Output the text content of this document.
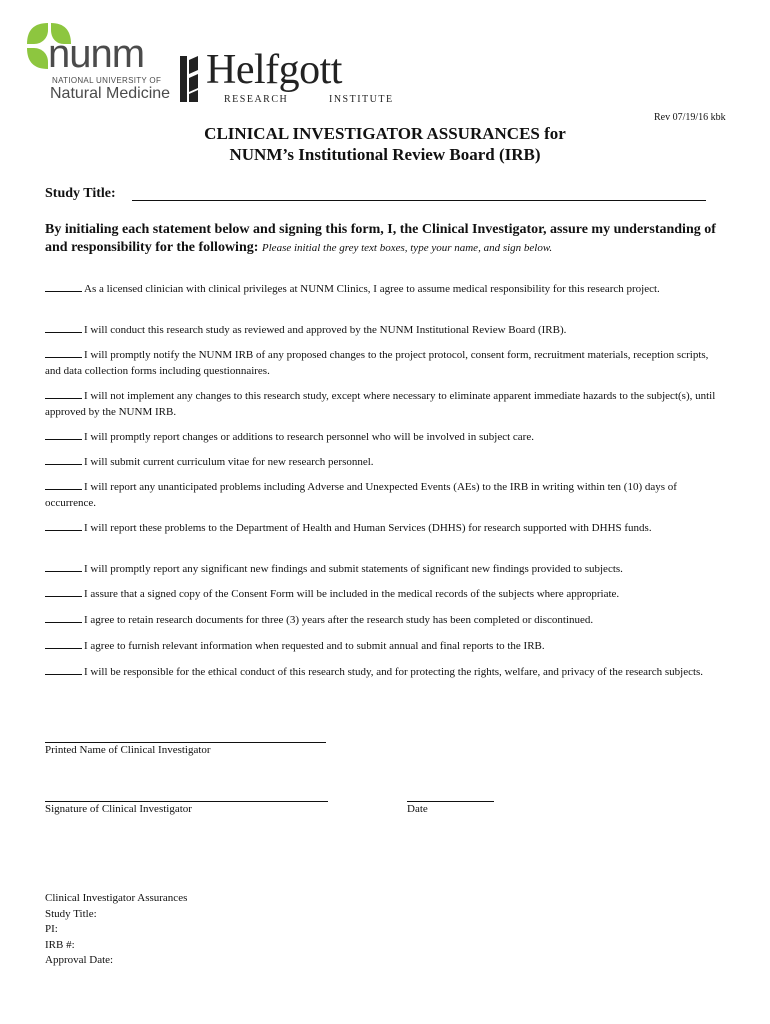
nunm
NATIONAL UNIVERSITY OF
Natural Medicine
Helfgott
RESEARCH	INSTITUTE
Rev 07/19/16 kbk
CLINICAL INVESTIGATOR ASSURANCES for
NUNM’s Institutional Review Board (IRB)
Study Title:
By initialing each statement below and signing this form, I, the Clinical Investigator, assure my understanding of and responsibility for the following: Please initial the grey text boxes, type your name, and sign below.
As a licensed clinician with clinical privileges at NUNM Clinics, I agree to assume medical responsibility for this research project.
I will conduct this research study as reviewed and approved by the NUNM Institutional Review Board (IRB).
I will promptly notify the NUNM IRB of any proposed changes to the project protocol, consent form, recruitment materials, reception scripts, and data collection forms including questionnaires.
I will not implement any changes to this research study, except where necessary to eliminate apparent immediate hazards to the subject(s), until approved by the NUNM IRB.
I will promptly report changes or additions to research personnel who will be involved in subject care.
I will submit current curriculum vitae for new research personnel.
I will report any unanticipated problems including Adverse and Unexpected Events (AEs) to the IRB in writing within ten (10) days of occurrence.
I will report these problems to the Department of Health and Human Services (DHHS) for research supported with DHHS funds.
I will promptly report any significant new findings and submit statements of significant new findings provided to subjects.
I assure that a signed copy of the Consent Form will be included in the medical records of the subjects where appropriate.
I agree to retain research documents for three (3) years after the research study has been completed or discontinued.
I agree to furnish relevant information when requested and to submit annual and final reports to the IRB.
I will be responsible for the ethical conduct of this research study, and for protecting the rights, welfare, and privacy of the research subjects.
Printed Name of Clinical Investigator
Signature of Clinical Investigator	Date
Clinical Investigator Assurances
Study Title:
PI:
IRB #:
Approval Date:
